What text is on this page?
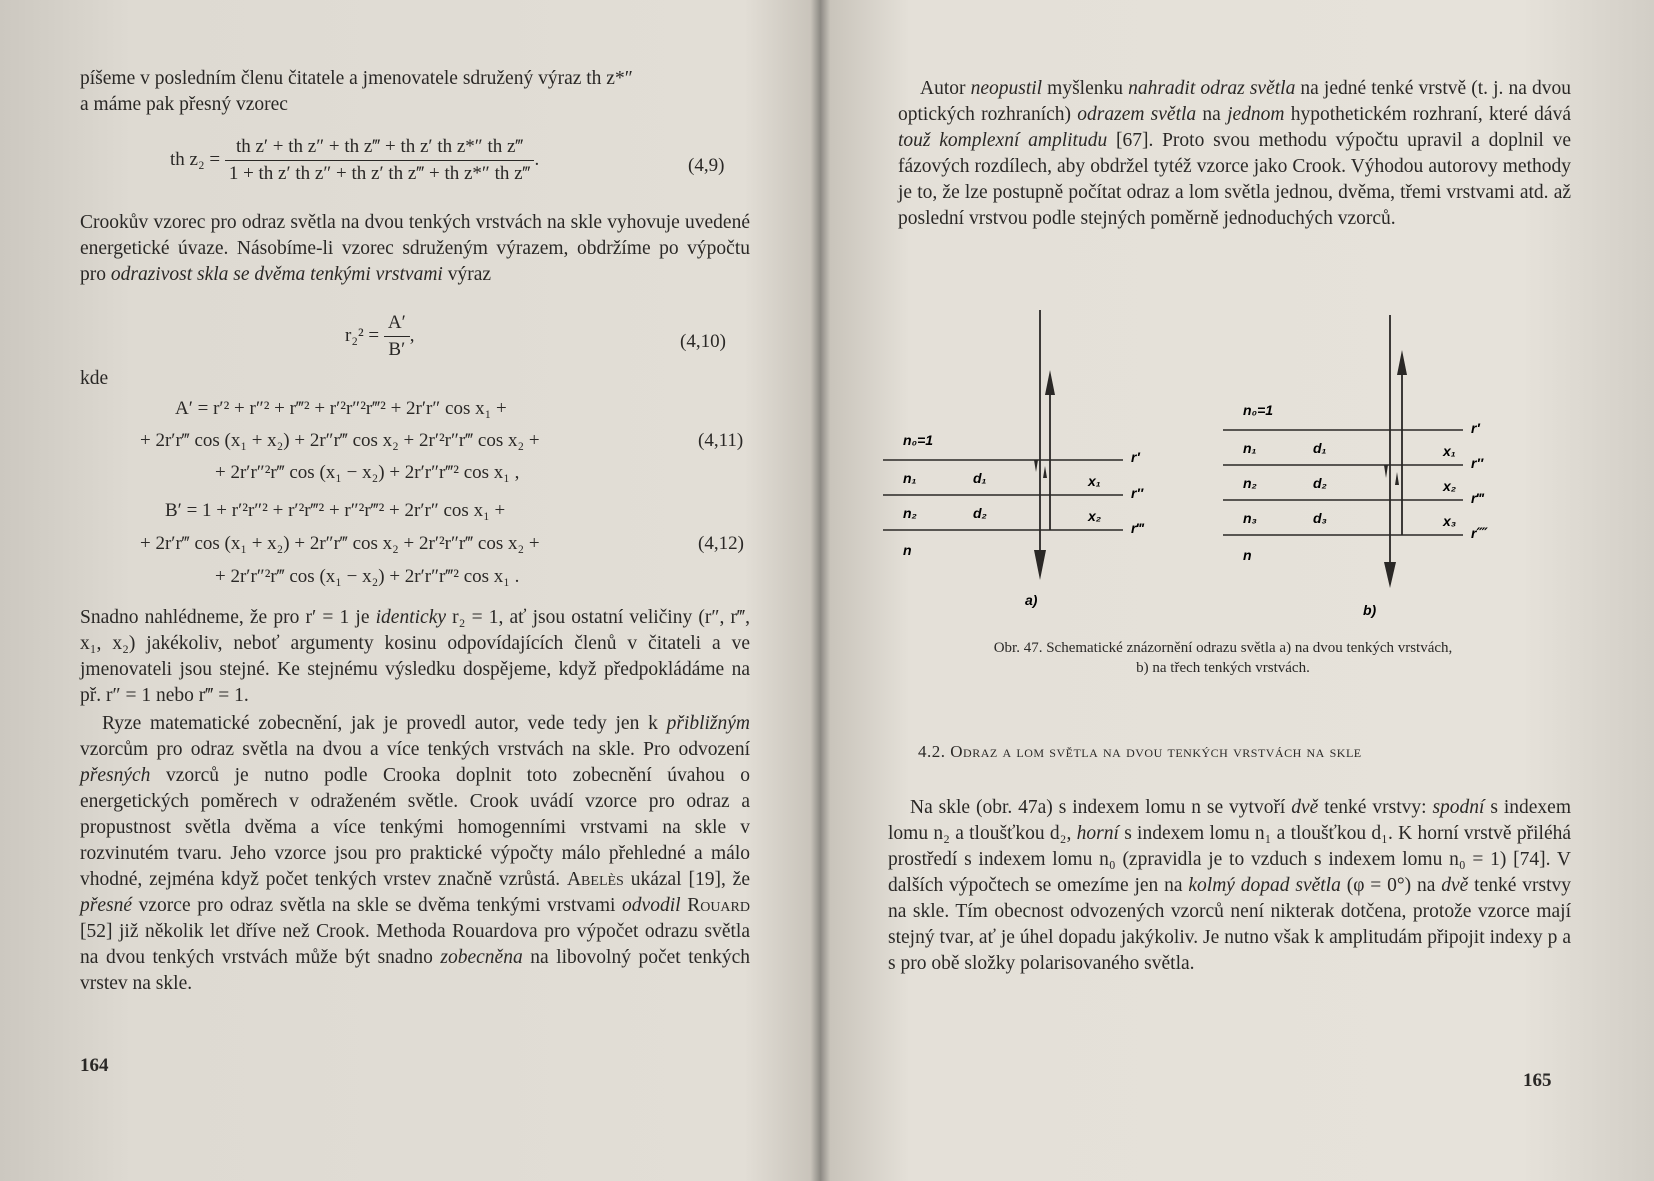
píšeme v posledním členu čitatele a jmenovatele sdružený výraz th z*″
a máme pak přesný vzorec

th $z_2 = \frac{\text{th z′ + th z″ + th z‴ + th z′ th z*″ th z‴}}{\text{1 + th z′ th z″ + th z′ th z‴ + th z*″ th z‴}}$ .	(4,9)

Crookův vzorec pro odraz světla na dvou tenkých vrstvách na skle vyhovuje uvedené energetické úvaze. Násobíme-li vzorec sdruženým výrazem, obdržíme po výpočtu pro odrazivost skla se dvěma tenkými vrstvami výraz

$r_2^2 = \frac{A'}{B'}$ ,	(4,10)
kde
A′ = r′² + r″² + r‴² + r′²r″²r‴² + 2r′r″ cos x₁ +
+ 2r′r‴ cos (x₁ + x₂) + 2r″r‴ cos x₂ + 2r′²r″r‴ cos x₂ +
+ 2r′r″²r‴ cos (x₁ − x₂) + 2r′r″r‴² cos x₁ ,
(4,11)
B′ = 1 + r′²r″² + r′²r‴² + r″²r‴² + 2r′r″ cos x₁ +
+ 2r′r‴ cos (x₁ + x₂) + 2r″r‴ cos x₂ + 2r′²r″r‴ cos x₂ +
+ 2r′r″²r‴ cos (x₁ − x₂) + 2r′r″r‴² cos x₁ .
(4,12)

Snadno nahlédneme, že pro r′ = 1 je identicky r₂ = 1, ať jsou ostatní veličiny (r″, r‴, x₁, x₂) jakékoliv, neboť argumenty kosinu odpovídajících členů v čitateli a ve jmenovateli jsou stejné. Ke stejnému výsledku dospějeme, když předpokládáme na př. r″ = 1 nebo r‴ = 1.

Ryze matematické zobecnění, jak je provedl autor, vede tedy jen k přibližným vzorcům pro odraz světla na dvou a více tenkých vrstvách na skle. Pro odvození přesných vzorců je nutno podle Crooka doplnit toto zobecnění úvahou o energetických poměrech v odraženém světle. Crook uvádí vzorce pro odraz a propustnost světla dvěma a více tenkými homogenními vrstvami na skle v rozvinutém tvaru. Jeho vzorce jsou pro praktické výpočty málo přehledné a málo vhodné, zejména když počet tenkých vrstev značně vzrůstá. Abelès ukázal [19], že přesné vzorce pro odraz světla na skle se dvěma tenkými vrstvami odvodil Rouard [52] již několik let dříve než Crook. Methoda Rouardova pro výpočet odrazu světla na dvou tenkých vrstvách může být snadno zobecněna na libovolný počet tenkých vrstev na skle.

164

Autor neopustil myšlenku nahradit odraz světla na jedné tenké vrstvě (t. j. na dvou optických rozhraních) odrazem světla na jednom hypothetickém rozhraní, které dává touž komplexní amplitudu [67]. Proto svou methodu výpočtu upravil a doplnil ve fázových rozdílech, aby obdržel tytéž vzorce jako Crook. Výhodou autorovy methody je to, že lze postupně počítat odraz a lom světla jednou, dvěma, třemi vrstvami atd. až poslední vrstvou podle stejných poměrně jednoduchých vzorců.

n₀=1
n₁	d₁	x₁
n₂	d₂	x₂
n
r′
r″
r‴
a)
n₀=1
n₁	d₁	x₁
n₂	d₂	x₂
n₃	d₃	x₃
n
r′
r″
r‴
r⁗
b)
Obr. 47. Schematické znázornění odrazu světla a) na dvou tenkých vrstvách,
b) na třech tenkých vrstvách.
4.2. Odraz a lom světla na dvou tenkých vrstvách na skle

Na skle (obr. 47a) s indexem lomu n se vytvoří dvě tenké vrstvy: spodní s indexem lomu n₂ a tloušťkou d₂, horní s indexem lomu n₁ a tloušťkou d₁. K horní vrstvě přiléhá prostředí s indexem lomu n₀ (zpravidla je to vzduch s indexem lomu n₀ = 1) [74]. V dalších výpočtech se omezíme jen na kolmý dopad světla (φ = 0°) na dvě tenké vrstvy na skle. Tím obecnost odvozených vzorců není nikterak dotčena, protože vzorce mají stejný tvar, ať je úhel dopadu jakýkoliv. Je nutno však k amplitudám připojit indexy p a s pro obě složky polarisovaného světla.

165
